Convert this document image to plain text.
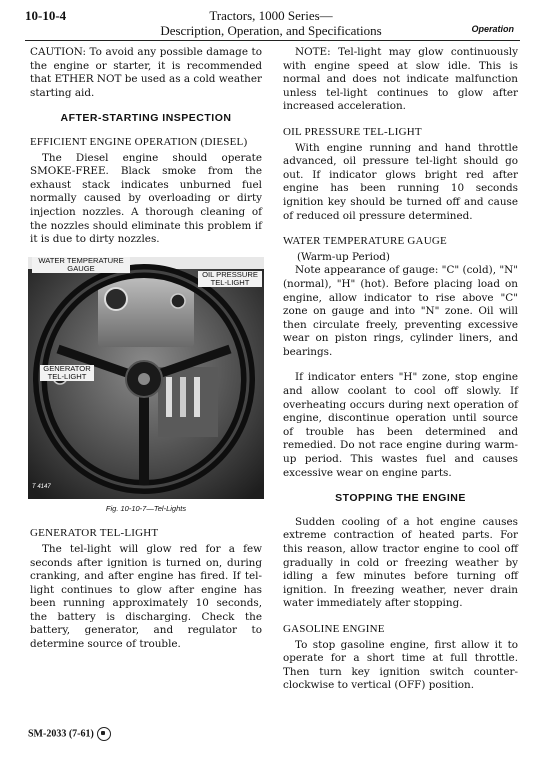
10-10-4	Tractors, 1000 Series—
Description, Operation, and Specifications	Operation

CAUTION: To avoid any possible damage to the engine or starter, it is recommended that ETHER NOT be used as a cold weather starting aid.

AFTER-STARTING INSPECTION
EFFICIENT ENGINE OPERATION (DIESEL)

The Diesel engine should operate SMOKE-FREE. Black smoke from the exhaust stack indicates unburned fuel normally caused by overloading or dirty injection nozzles. A thorough cleaning of the nozzles should eliminate this problem if it is due to dirty nozzles.

WATER TEMPERATURE GAUGE
OIL PRESSURE TEL-LIGHT
GENERATOR TEL-LIGHT
T 4147
Fig. 10-10-7—Tel-Lights
GENERATOR TEL-LIGHT

The tel-light will glow red for a few seconds after ignition is turned on, during cranking, and after engine has fired. If tel-light continues to glow after engine has been running approximately 10 seconds, the battery is discharging. Check the battery, generator, and regulator to determine source of trouble.

NOTE: Tel-light may glow continuously with engine speed at slow idle. This is normal and does not indicate malfunction unless tel-light continues to glow after increased acceleration.

OIL PRESSURE TEL-LIGHT

With engine running and hand throttle advanced, oil pressure tel-light should go out. If indicator glows bright red after engine has been running 10 seconds ignition key should be turned off and cause of reduced oil pressure determined.

WATER TEMPERATURE GAUGE
(Warm-up Period)

Note appearance of gauge: "C" (cold), "N" (normal), "H" (hot). Before placing load on engine, allow indicator to rise above "C" zone on gauge and into "N" zone. Oil will then circulate freely, preventing excessive wear on piston rings, cylinder liners, and bearings.

If indicator enters "H" zone, stop engine and allow coolant to cool off slowly. If overheating occurs during next operation of engine, discontinue operation until source of trouble has been determined and remedied. Do not race engine during warm-up period. This wastes fuel and causes excessive wear on engine parts.

STOPPING THE ENGINE

Sudden cooling of a hot engine causes extreme contraction of heated parts. For this reason, allow tractor engine to cool off gradually in cold or freezing weather by idling a few minutes before turning off ignition. In freezing weather, never drain water immediately after stopping.

GASOLINE ENGINE

To stop gasoline engine, first allow it to operate for a short time at full throttle. Then turn key ignition switch counter-clockwise to vertical (OFF) position.

SM-2033 (7-61)
